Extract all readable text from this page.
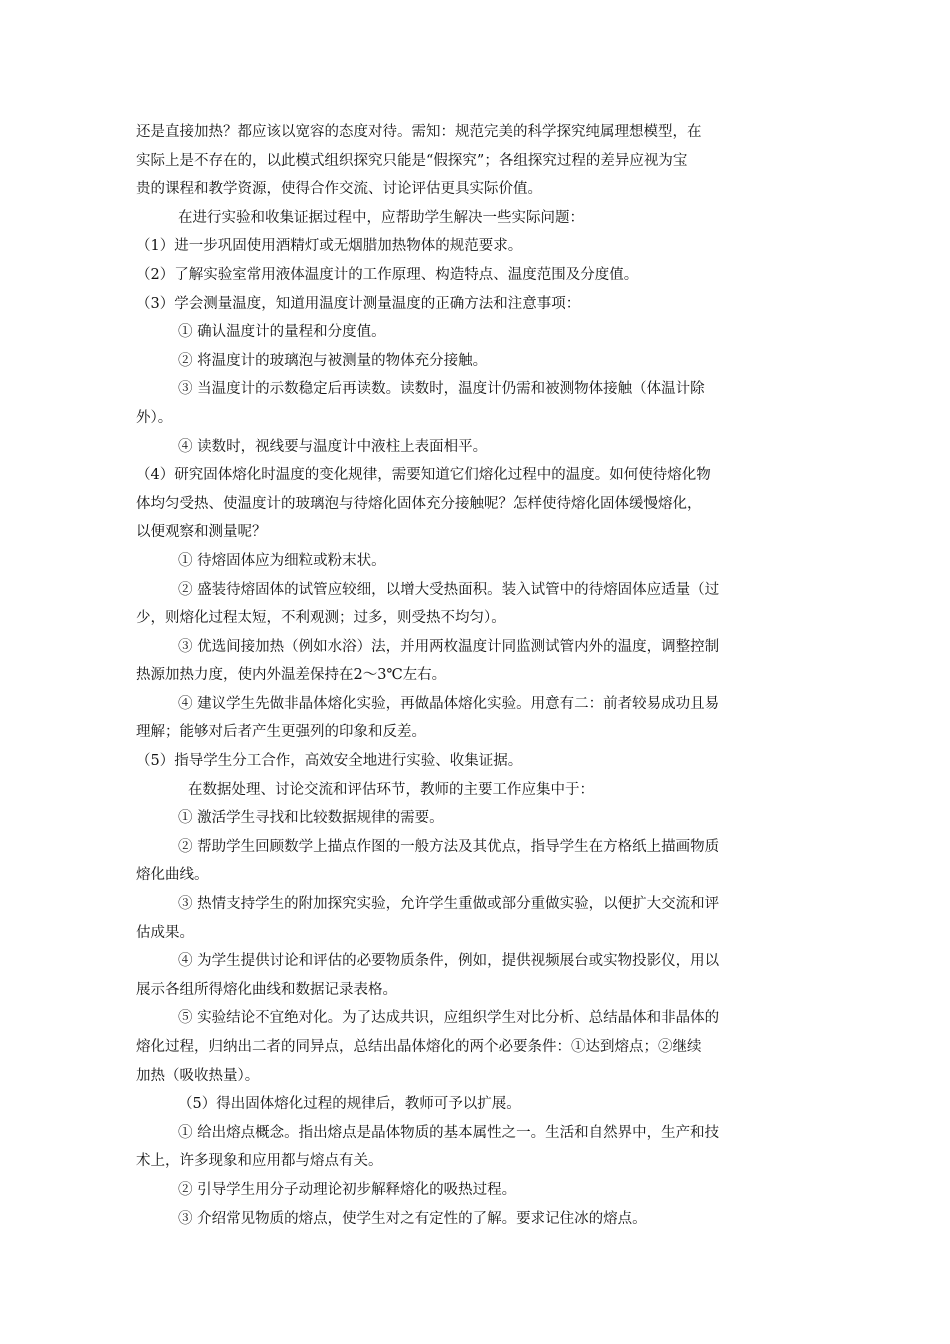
还是直接加热？都应该以宽容的态度对待。需知：规范完美的科学探究纯属理想模型，在
实际上是不存在的，以此模式组织探究只能是“假探究”；各组探究过程的差异应视为宝
贵的课程和教学资源，使得合作交流、讨论评估更具实际价值。
在进行实验和收集证据过程中，应帮助学生解决一些实际问题：
（1）进一步巩固使用酒精灯或无烟腊加热物体的规范要求。
（2）了解实验室常用液体温度计的工作原理、构造特点、温度范围及分度值。
（3）学会测量温度，知道用温度计测量温度的正确方法和注意事项：
① 确认温度计的量程和分度值。
② 将温度计的玻璃泡与被测量的物体充分接触。
③ 当温度计的示数稳定后再读数。读数时，温度计仍需和被测物体接触（体温计除
外）。
④ 读数时，视线要与温度计中液柱上表面相平。
（4）研究固体熔化时温度的变化规律，需要知道它们熔化过程中的温度。如何使待熔化物
体均匀受热、使温度计的玻璃泡与待熔化固体充分接触呢？怎样使待熔化固体缓慢熔化，
以便观察和测量呢？
① 待熔固体应为细粒或粉末状。
② 盛装待熔固体的试管应较细，以增大受热面积。装入试管中的待熔固体应适量（过
少，则熔化过程太短，不利观测；过多，则受热不均匀）。
③ 优选间接加热（例如水浴）法，并用两枚温度计同监测试管内外的温度，调整控制
热源加热力度，使内外温差保持在2～3℃左右。
④ 建议学生先做非晶体熔化实验，再做晶体熔化实验。用意有二：前者较易成功且易
理解；能够对后者产生更强列的印象和反差。
（5）指导学生分工合作，高效安全地进行实验、收集证据。
在数据处理、讨论交流和评估环节，教师的主要工作应集中于：
① 激活学生寻找和比较数据规律的需要。
② 帮助学生回顾数学上描点作图的一般方法及其优点，指导学生在方格纸上描画物质
熔化曲线。
③ 热情支持学生的附加探究实验，允许学生重做或部分重做实验，以便扩大交流和评
估成果。
④ 为学生提供讨论和评估的必要物质条件，例如，提供视频展台或实物投影仪，用以
展示各组所得熔化曲线和数据记录表格。
⑤ 实验结论不宜绝对化。为了达成共识，应组织学生对比分析、总结晶体和非晶体的
熔化过程，归纳出二者的同异点，总结出晶体熔化的两个必要条件：①达到熔点；②继续
加热（吸收热量）。
（5）得出固体熔化过程的规律后，教师可予以扩展。
① 给出熔点概念。指出熔点是晶体物质的基本属性之一。生活和自然界中，生产和技
术上，许多现象和应用都与熔点有关。
② 引导学生用分子动理论初步解释熔化的吸热过程。
③ 介绍常见物质的熔点，使学生对之有定性的了解。要求记住冰的熔点。
